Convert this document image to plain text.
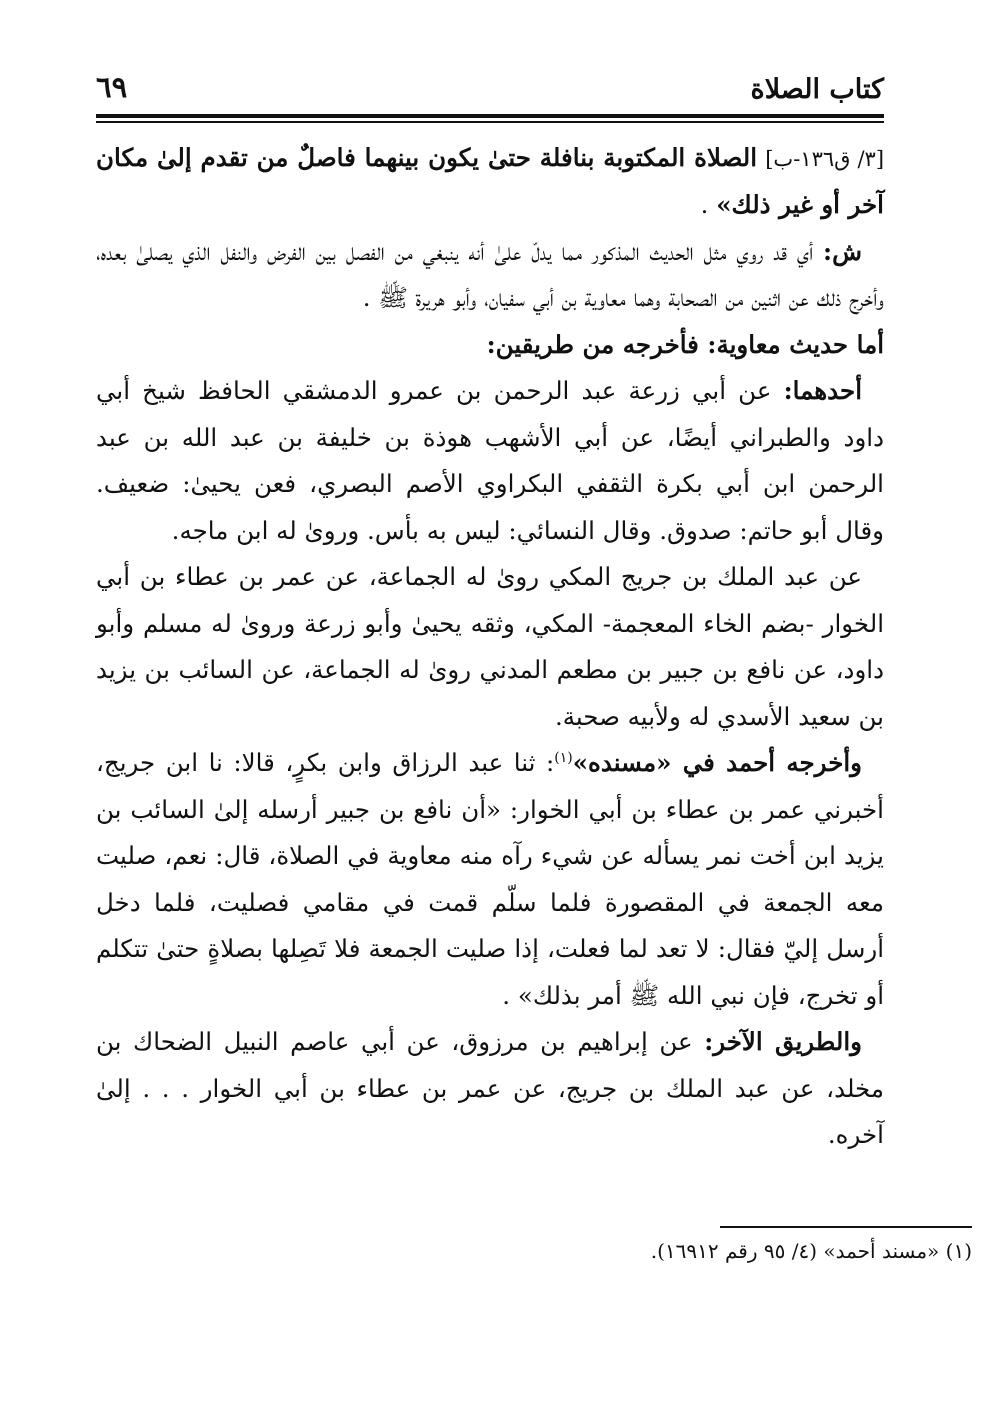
كتاب الصلاة
٦٩

[٣/ ق١٣٦-ب] الصلاة المكتوبة بنافلة حتىٰ يكون بينهما فاصلٌ من تقدم إلىٰ مكان آخر أو غير ذلك» .

ش: أي قد روي مثل الحديث المذكور مما يدلّ علىٰ أنه ينبغي من الفصل بين الفرض والنفل الذي يصلىٰ بعده، وأخرج ذلك عن اثنين من الصحابة وهما معاوية بن أبي سفيان، وأبو هريرة ﷺ .

أما حديث معاوية: فأخرجه من طريقين:

أحدهما: عن أبي زرعة عبد الرحمن بن عمرو الدمشقي الحافظ شيخ أبي داود والطبراني أيضًا، عن أبي الأشهب هوذة بن خليفة بن عبد الله بن عبد الرحمن ابن أبي بكرة الثقفي البكراوي الأصم البصري، فعن يحيىٰ: ضعيف. وقال أبو حاتم: صدوق. وقال النسائي: ليس به بأس. وروىٰ له ابن ماجه.

عن عبد الملك بن جريج المكي روىٰ له الجماعة، عن عمر بن عطاء بن أبي الخوار -بضم الخاء المعجمة- المكي، وثقه يحيىٰ وأبو زرعة وروىٰ له مسلم وأبو داود، عن نافع بن جبير بن مطعم المدني روىٰ له الجماعة، عن السائب بن يزيد بن سعيد الأسدي له ولأبيه صحبة.

وأخرجه أحمد في «مسنده»$^{(١)}$: ثنا عبد الرزاق وابن بكرٍ، قالا: نا ابن جريج، أخبرني عمر بن عطاء بن أبي الخوار: «أن نافع بن جبير أرسله إلىٰ السائب بن يزيد ابن أخت نمر يسأله عن شيء رآه منه معاوية في الصلاة، قال: نعم، صليت معه الجمعة في المقصورة فلما سلّم قمت في مقامي فصليت، فلما دخل أرسل إليّ فقال: لا تعد لما فعلت، إذا صليت الجمعة فلا تَصِلها بصلاةٍ حتىٰ تتكلم أو تخرج، فإن نبي الله ﷺ أمر بذلك» .

والطريق الآخر: عن إبراهيم بن مرزوق، عن أبي عاصم النبيل الضحاك بن مخلد، عن عبد الملك بن جريج، عن عمر بن عطاء بن أبي الخوار . . . إلىٰ آخره.

(١) «مسند أحمد» (٤/ ٩٥ رقم ١٦٩١٢).
